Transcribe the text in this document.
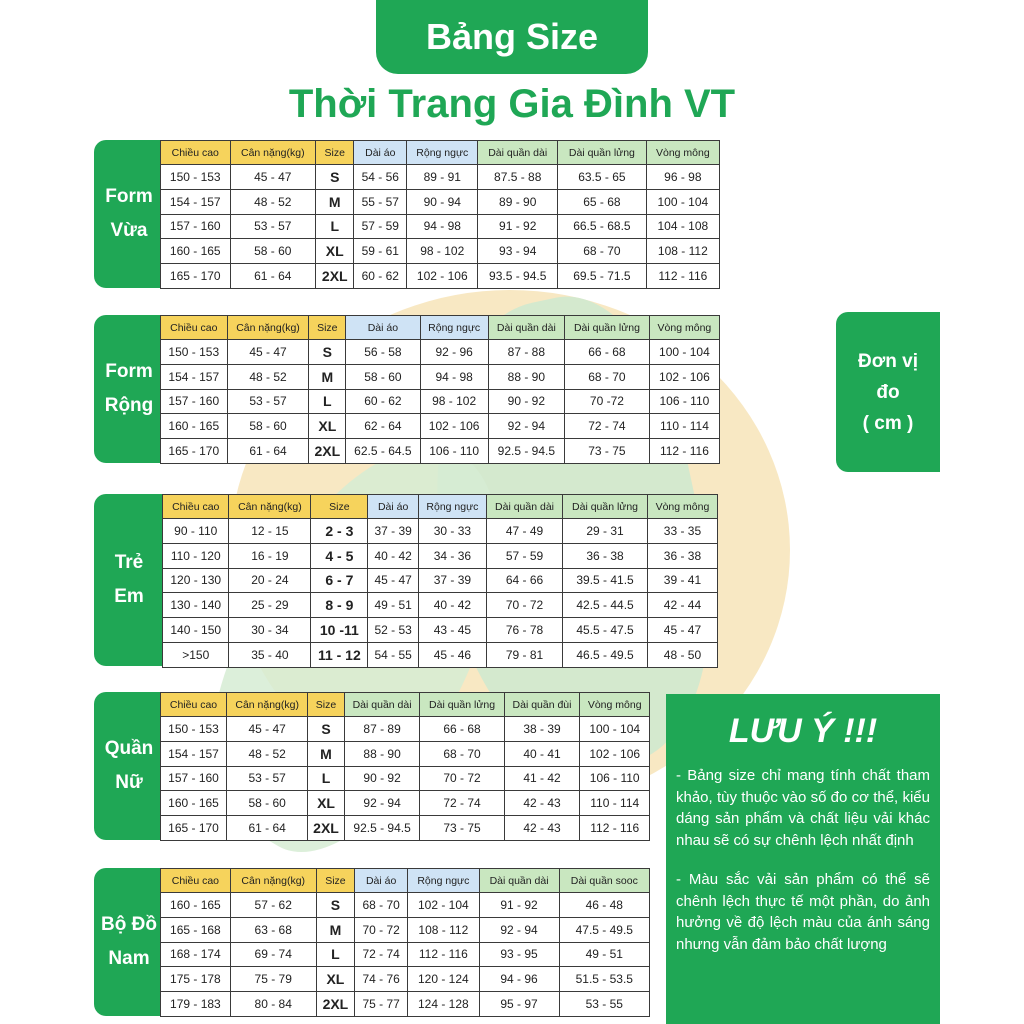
Bảng Size
Thời Trang Gia Đình VT
Form
Vừa
Chiều cao	Cân nặng(kg)	Size	Dài áo	Rộng ngực	Dài quần dài	Dài quần lửng	Vòng mông
150 - 153	45 - 47	S	54 - 56	89 - 91	87.5 - 88	63.5 - 65	96 - 98
154 - 157	48 - 52	M	55 - 57	90 - 94	89 - 90	65 - 68	100 - 104
157 - 160	53 - 57	L	57 - 59	94 - 98	91 - 92	66.5 - 68.5	104 - 108
160 - 165	58 - 60	XL	59 - 61	98 - 102	93 - 94	68 - 70	108 - 112
165 - 170	61 - 64	2XL	60 - 62	102 - 106	93.5 - 94.5	69.5 - 71.5	112 - 116
Form
Rộng
Chiều cao	Cân nặng(kg)	Size	Dài áo	Rộng ngực	Dài quần dài	Dài quần lửng	Vòng mông
150 - 153	45 - 47	S	56 - 58	92 - 96	87 - 88	66 - 68	100 - 104
154 - 157	48 - 52	M	58 - 60	94 - 98	88 - 90	68 - 70	102 - 106
157 - 160	53 - 57	L	60 - 62	98 - 102	90 - 92	70 -72	106 - 110
160 - 165	58 - 60	XL	62 - 64	102 - 106	92 - 94	72 - 74	110 - 114
165 - 170	61 - 64	2XL	62.5 - 64.5	106 - 110	92.5 - 94.5	73 - 75	112 - 116
Trẻ
Em
Chiều cao	Cân nặng(kg)	Size	Dài áo	Rộng ngực	Dài quần dài	Dài quần lửng	Vòng mông
90 - 110	12 - 15	2 - 3	37 - 39	30 - 33	47 - 49	29 - 31	33 - 35
110 - 120	16 - 19	4 - 5	40 - 42	34 - 36	57 - 59	36 - 38	36 - 38
120 - 130	20 - 24	6 - 7	45 - 47	37 - 39	64 - 66	39.5 - 41.5	39 - 41
130 - 140	25 - 29	8 - 9	49 - 51	40 - 42	70 - 72	42.5 - 44.5	42 - 44
140 - 150	30 - 34	10 -11	52 - 53	43 - 45	76 - 78	45.5 - 47.5	45 - 47
>150	35 - 40	11 - 12	54 - 55	45 - 46	79 - 81	46.5 - 49.5	48 - 50
Quần
Nữ
Chiều cao	Cân nặng(kg)	Size	Dài quần dài	Dài quần lửng	Dài quần đùi	Vòng mông
150 - 153	45 - 47	S	87 - 89	66 - 68	38 - 39	100 - 104
154 - 157	48 - 52	M	88 - 90	68 - 70	40 - 41	102 - 106
157 - 160	53 - 57	L	90 - 92	70 - 72	41 - 42	106 - 110
160 - 165	58 - 60	XL	92 - 94	72 - 74	42 - 43	110 - 114
165 - 170	61 - 64	2XL	92.5 - 94.5	73 - 75	42 - 43	112 - 116
Bộ Đồ
Nam
Chiều cao	Cân nặng(kg)	Size	Dài áo	Rộng ngực	Dài quần dài	Dài quần sooc
160 - 165	57 - 62	S	68 - 70	102 - 104	91 - 92	46 - 48
165 - 168	63 - 68	M	70 - 72	108 - 112	92 - 94	47.5 - 49.5
168 - 174	69 - 74	L	72 - 74	112 - 116	93 - 95	49 - 51
175 - 178	75 - 79	XL	74 - 76	120 - 124	94 - 96	51.5 - 53.5
179 - 183	80 - 84	2XL	75 - 77	124 - 128	95 - 97	53 - 55
Đơn vị
đo
( cm )
LƯU Ý !!!

- Bảng size chỉ mang tính chất tham khảo, tùy thuộc vào số đo cơ thể, kiểu dáng sản phẩm và chất liệu vải khác nhau sẽ có sự chênh lệch nhất định

- Màu sắc vải sản phẩm có thể sẽ chênh lệch thực tế một phần, do ảnh hưởng về độ lệch màu của ánh sáng nhưng vẫn đảm bảo chất lượng
